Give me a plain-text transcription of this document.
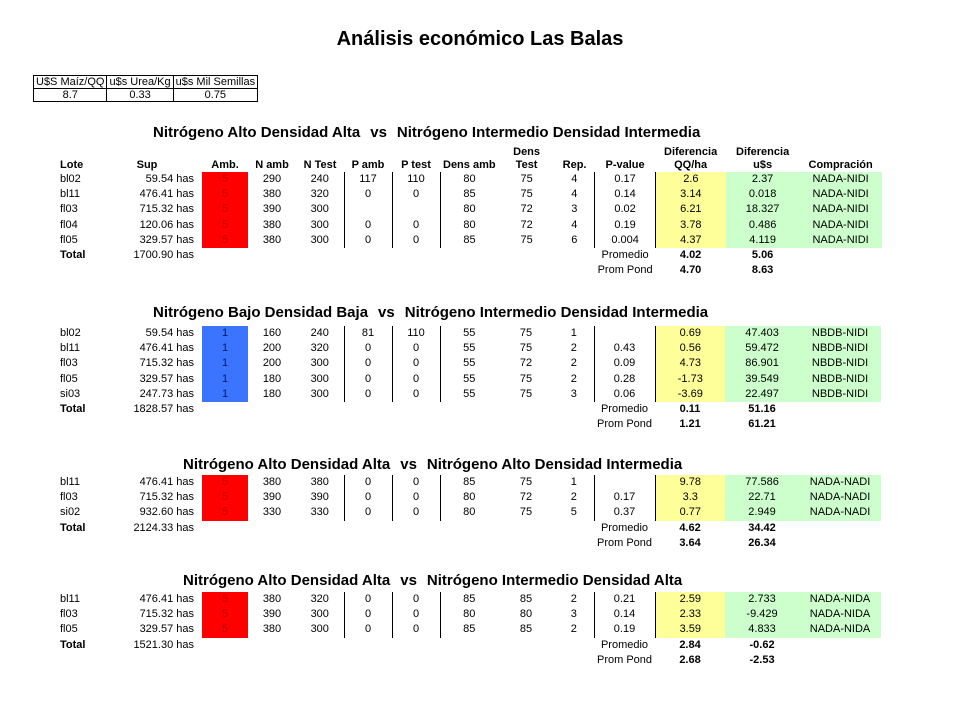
Análisis económico Las Balas
U$S Maíz/QQ	u$s Urea/Kg	u$s Mil Semillas
8.7	0.33	0.75
Nitrógeno Alto Densidad Alta vs Nitrógeno Intermedio Densidad Intermedia
								Dens			Diferencia	Diferencia	
Lote	Sup	Amb.	N amb	N Test	P amb	P test	Dens amb	Test	Rep.	P-value	QQ/ha	u$s	Compración
bl02	59.54 has	5	290	240	117	110	80	75	4	0.17	2.6	2.37	NADA-NIDI
bl11	476.41 has	5	380	320	0	0	85	75	4	0.14	3.14	0.018	NADA-NIDI
fl03	715.32 has	5	390	300			80	72	3	0.02	6.21	18.327	NADA-NIDI
fl04	120.06 has	5	380	300	0	0	80	72	4	0.19	3.78	0.486	NADA-NIDI
fl05	329.57 has	5	380	300	0	0	85	75	6	0.004	4.37	4.119	NADA-NIDI
Total	1700.90 has									Promedio	4.02	5.06	
										Prom Pond	4.70	8.63	
Nitrógeno Bajo Densidad Baja vs Nitrógeno Intermedio Densidad Intermedia
bl02	59.54 has	1	160	240	81	110	55	75	1		0.69	47.403	NBDB-NIDI
bl11	476.41 has	1	200	320	0	0	55	75	2	0.43	0.56	59.472	NBDB-NIDI
fl03	715.32 has	1	200	300	0	0	55	72	2	0.09	4.73	86.901	NBDB-NIDI
fl05	329.57 has	1	180	300	0	0	55	75	2	0.28	-1.73	39.549	NBDB-NIDI
si03	247.73 has	1	180	300	0	0	55	75	3	0.06	-3.69	22.497	NBDB-NIDI
Total	1828.57 has									Promedio	0.11	51.16	
										Prom Pond	1.21	61.21	
Nitrógeno Alto Densidad Alta vs Nitrógeno Alto Densidad Intermedia
bl11	476.41 has	5	380	380	0	0	85	75	1		9.78	77.586	NADA-NADI
fl03	715.32 has	5	390	390	0	0	80	72	2	0.17	3.3	22.71	NADA-NADI
si02	932.60 has	5	330	330	0	0	80	75	5	0.37	0.77	2.949	NADA-NADI
Total	2124.33 has									Promedio	4.62	34.42	
										Prom Pond	3.64	26.34	
Nitrógeno Alto Densidad Alta vs Nitrógeno Intermedio Densidad Alta
bl11	476.41 has	5	380	320	0	0	85	85	2	0.21	2.59	2.733	NADA-NIDA
fl03	715.32 has	5	390	300	0	0	80	80	3	0.14	2.33	-9.429	NADA-NIDA
fl05	329.57 has	5	380	300	0	0	85	85	2	0.19	3.59	4.833	NADA-NIDA
Total	1521.30 has									Promedio	2.84	-0.62	
										Prom Pond	2.68	-2.53	
